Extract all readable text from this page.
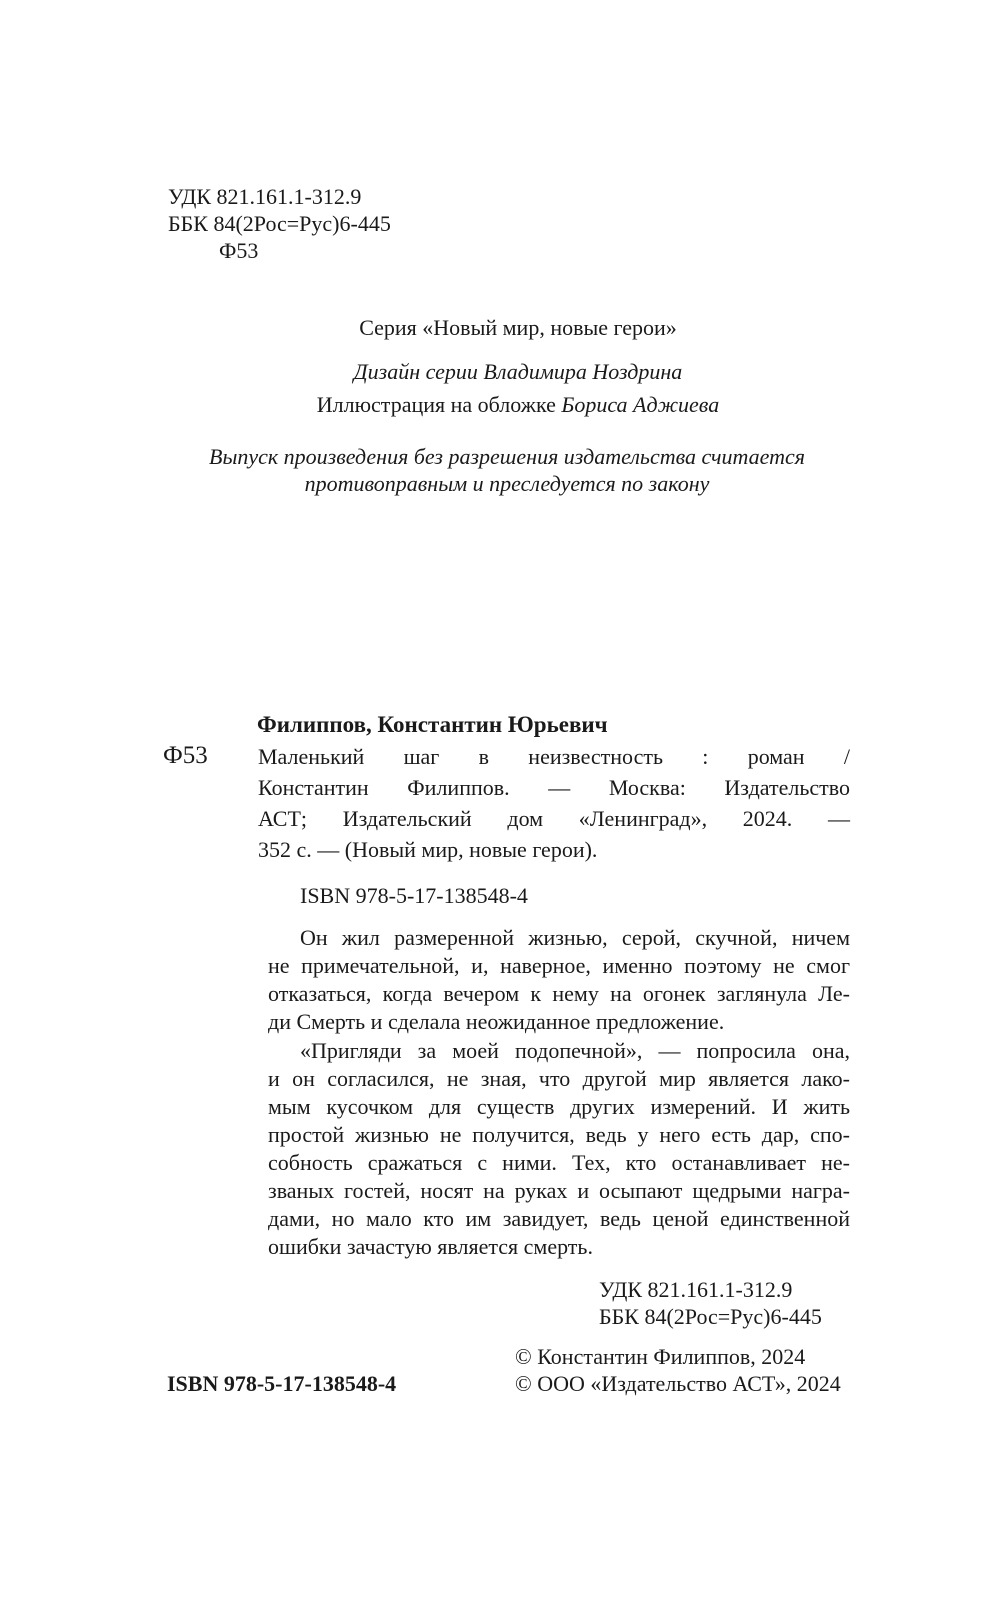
УДК 821.161.1-312.9
ББК 84(2Рос=Рус)6-445
Ф53
Серия «Новый мир, новые герои»
Дизайн серии Владимира Ноздрина
Иллюстрация на обложке Бориса Аджиева
Выпуск произведения без разрешения издательства считается
противоправным и преследуется по закону
Филиппов, Константин Юрьевич
Ф53 Маленький шаг в неизвестность : роман /
Константин Филиппов. — Москва: Издательство
АСТ; Издательский дом «Ленинград», 2024. —
352 с. — (Новый мир, новые герои).
ISBN 978-5-17-138548-4
Он жил размеренной жизнью, серой, скучной, ничем
не примечательной, и, наверное, именно поэтому не смог
отказаться, когда вечером к нему на огонек заглянула Ле-
ди Смерть и сделала неожиданное предложение.
«Пригляди за моей подопечной», — попросила она,
и он согласился, не зная, что другой мир является лако-
мым кусочком для существ других измерений. И жить
простой жизнью не получится, ведь у него есть дар, спо-
собность сражаться с ними. Тех, кто останавливает не-
званых гостей, носят на руках и осыпают щедрыми награ-
дами, но мало кто им завидует, ведь ценой единственной
ошибки зачастую является смерть.
УДК 821.161.1-312.9
ББК 84(2Рос=Рус)6-445
© Константин Филиппов, 2024
© ООО «Издательство АСТ», 2024
ISBN 978-5-17-138548-4
